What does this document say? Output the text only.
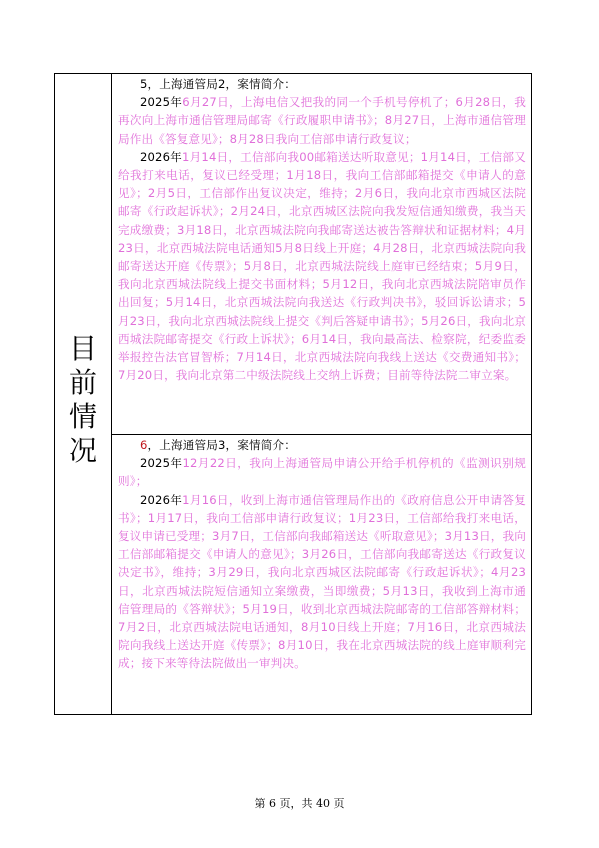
目
前
情
况

5，上海通管局2，案情简介：

2025年6月27日，上海电信又把我的同一个手机号停机了；6月28日，我再次向上海市通信管理局邮寄《行政履职申请书》；8月27日，上海市通信管理局作出《答复意见》；8月28日我向工信部申请行政复议；

2026年1月14日，工信部向我00邮箱送达听取意见；1月14日，工信部又给我打来电话，复议已经受理；1月18日，我向工信部邮箱提交《申请人的意见》；2月5日，工信部作出复议决定，维持；2月6日，我向北京市西城区法院邮寄《行政起诉状》；2月24日，北京西城区法院向我发短信通知缴费，我当天完成缴费；3月18日，北京西城法院向我邮寄送达被告答辩状和证据材料；4月23日，北京西城法院电话通知5月8日线上开庭；4月28日，北京西城法院向我邮寄送达开庭《传票》；5月8日，北京西城法院线上庭审已经结束；5月9日，我向北京西城法院线上提交书面材料；5月12日，我向北京西城法院陪审员作出回复；5月14日，北京西城法院向我送达《行政判决书》，驳回诉讼请求；5月23日，我向北京西城法院线上提交《判后答疑申请书》；5月26日，我向北京西城法院邮寄提交《行政上诉状》；6月14日，我向最高法、检察院，纪委监委举报控告法官冒智桥；7月14日，北京西城法院向我线上送达《交费通知书》；7月20日，我向北京第二中级法院线上交纳上诉费；目前等待法院二审立案。

6，上海通管局3，案情简介：

2025年12月22日，我向上海通管局申请公开给手机停机的《监测识别规则》；

2026年1月16日，收到上海市通信管理局作出的《政府信息公开申请答复书》；1月17日，我向工信部申请行政复议；1月23日，工信部给我打来电话，复议申请已受理；3月7日，工信部向我邮箱送达《听取意见》；3月13日，我向工信部邮箱提交《申请人的意见》；3月26日，工信部向我邮寄送达《行政复议决定书》，维持；3月29日，我向北京西城区法院邮寄《行政起诉状》；4月23日，北京西城法院短信通知立案缴费，当即缴费；5月13日，我收到上海市通信管理局的《答辩状》；5月19日，收到北京西城法院邮寄的工信部答辩材料；7月2日，北京西城法院电话通知，8月10日线上开庭；7月16日，北京西城法院向我线上送达开庭《传票》；8月10日，我在北京西城法院的线上庭审顺利完成；接下来等待法院做出一审判决。

第 6 页，共 40 页
